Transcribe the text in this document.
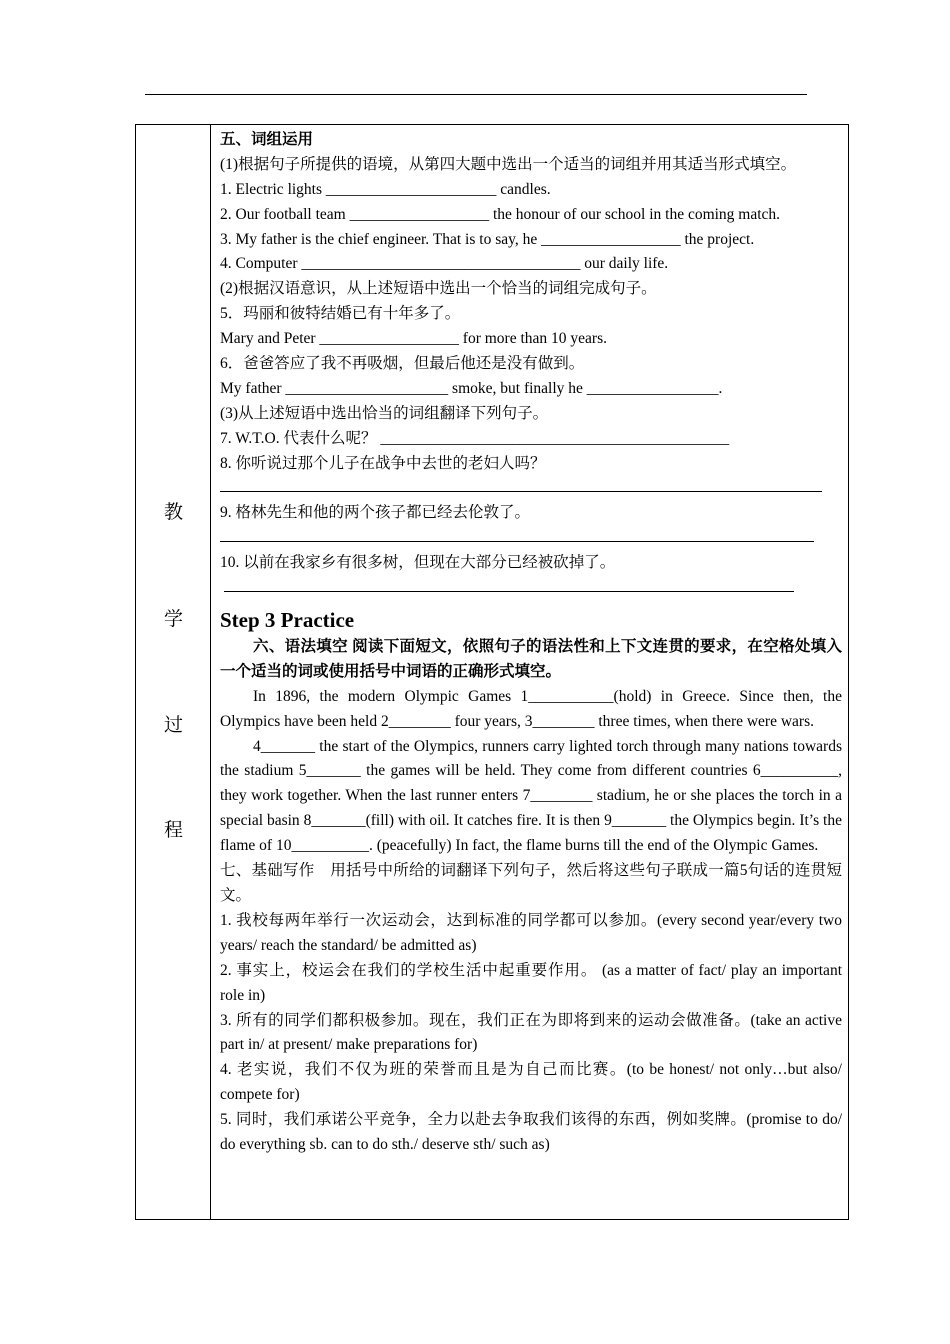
教
学
过
程
五、词组运用
(1)根据句子所提供的语境，从第四大题中选出一个适当的词组并用其适当形式填空。
1. Electric lights ______________________ candles.
2. Our football team __________________ the honour of our school in the coming match.
3. My father is the chief engineer. That is to say, he __________________ the project.
4. Computer ____________________________________ our daily life.
(2)根据汉语意识，从上述短语中选出一个恰当的词组完成句子。
5．玛丽和彼特结婚已有十年多了。
Mary and Peter __________________ for more than 10 years.
6．爸爸答应了我不再吸烟，但最后他还是没有做到。
My father _____________________ smoke, but finally he _________________.
(3)从上述短语中选出恰当的词组翻译下列句子。
7. W.T.O. 代表什么呢？ _____________________________________________
8. 你听说过那个儿子在战争中去世的老妇人吗？
9. 格林先生和他的两个孩子都已经去伦敦了。
10. 以前在我家乡有很多树，但现在大部分已经被砍掉了。
Step 3 Practice

六、语法填空 阅读下面短文，依照句子的语法性和上下文连贯的要求，在空格处填入一个适当的词或使用括号中词语的正确形式填空。

In 1896, the modern Olympic Games 1___________(hold) in Greece. Since then, the Olympics have been held 2________ four years, 3________ three times, when there were wars.

4_______ the start of the Olympics, runners carry lighted torch through many nations towards the stadium 5_______ the games will be held. They come from different countries 6__________, they work together. When the last runner enters 7________ stadium, he or she places the torch in a special basin 8_______(fill) with oil. It catches fire. It is then 9_______ the Olympics begin. It’s the flame of 10__________. (peacefully) In fact, the flame burns till the end of the Olympic Games.

七、基础写作　用括号中所给的词翻译下列句子，然后将这些句子联成一篇5句话的连贯短文。

1. 我校每两年举行一次运动会，达到标准的同学都可以参加。(every second year/every two years/ reach the standard/ be admitted as)

2. 事实上，校运会在我们的学校生活中起重要作用。 (as a matter of fact/ play an important role in)

3. 所有的同学们都积极参加。现在，我们正在为即将到来的运动会做准备。(take an active part in/ at present/ make preparations for)

4. 老实说，我们不仅为班的荣誉而且是为自己而比赛。(to be honest/ not only…but also/ compete for)

5. 同时，我们承诺公平竞争，全力以赴去争取我们该得的东西，例如奖牌。(promise to do/ do everything sb. can to do sth./ deserve sth/ such as)
